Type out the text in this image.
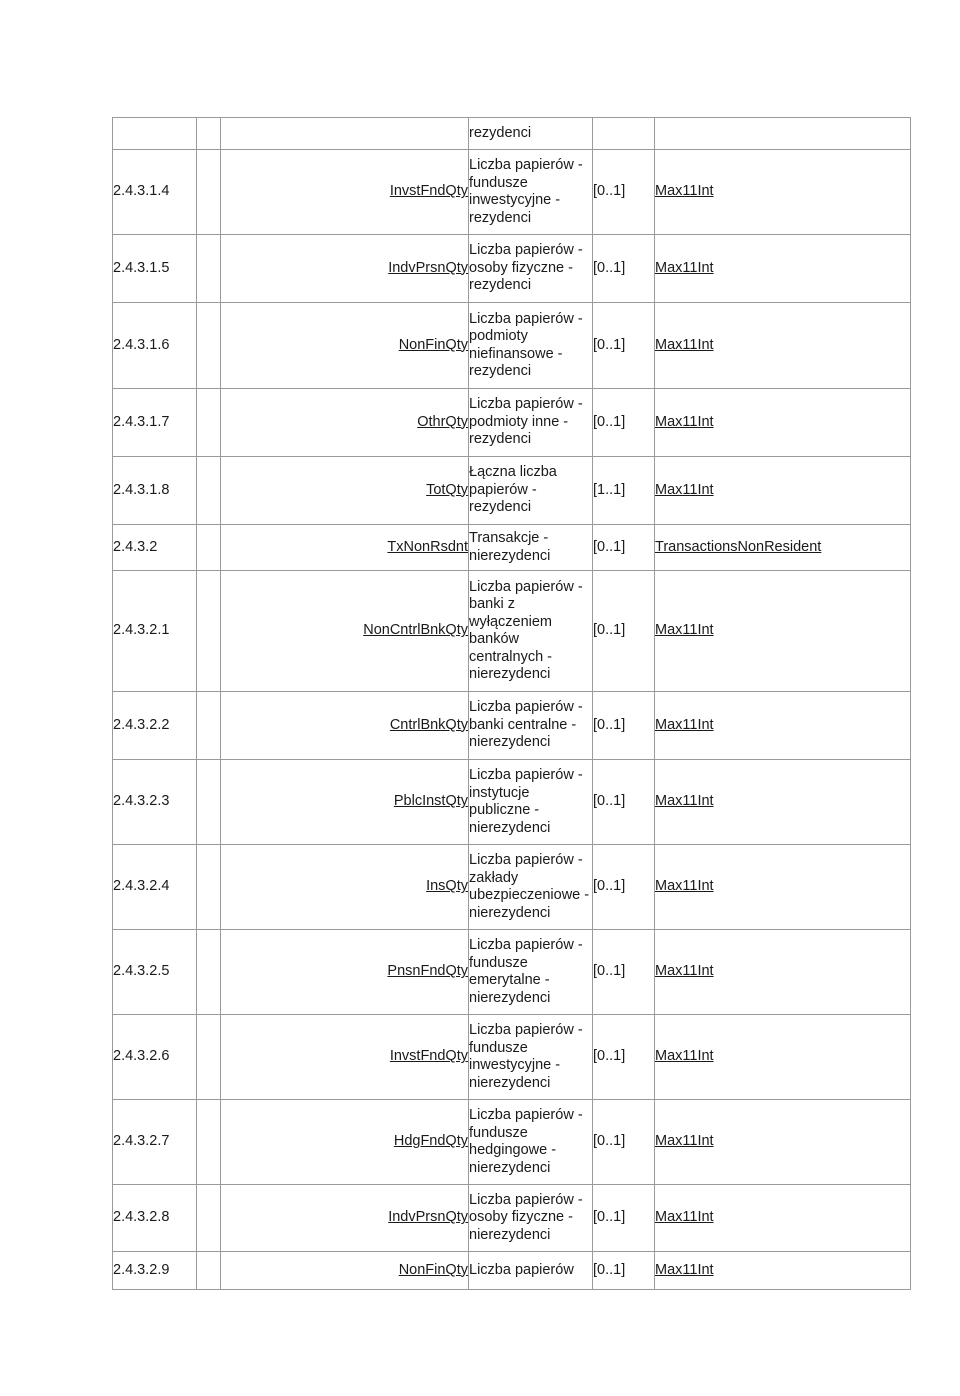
			rezydenci		
2.4.3.1.4		InvstFndQty	Liczba papierów - fundusze inwestycyjne - rezydenci	[0..1]	Max11Int
2.4.3.1.5		IndvPrsnQty	Liczba papierów - osoby fizyczne - rezydenci	[0..1]	Max11Int
2.4.3.1.6		NonFinQty	Liczba papierów - podmioty niefinansowe - rezydenci	[0..1]	Max11Int
2.4.3.1.7		OthrQty	Liczba papierów - podmioty inne - rezydenci	[0..1]	Max11Int
2.4.3.1.8		TotQty	Łączna liczba papierów - rezydenci	[1..1]	Max11Int
2.4.3.2		TxNonRsdnt	Transakcje - nierezydenci	[0..1]	TransactionsNonResident
2.4.3.2.1		NonCntrlBnkQty	Liczba papierów - banki z wyłączeniem banków centralnych - nierezydenci	[0..1]	Max11Int
2.4.3.2.2		CntrlBnkQty	Liczba papierów - banki centralne - nierezydenci	[0..1]	Max11Int
2.4.3.2.3		PblcInstQty	Liczba papierów - instytucje publiczne - nierezydenci	[0..1]	Max11Int
2.4.3.2.4		InsQty	Liczba papierów - zakłady ubezpieczeniowe - nierezydenci	[0..1]	Max11Int
2.4.3.2.5		PnsnFndQty	Liczba papierów - fundusze emerytalne - nierezydenci	[0..1]	Max11Int
2.4.3.2.6		InvstFndQty	Liczba papierów - fundusze inwestycyjne - nierezydenci	[0..1]	Max11Int
2.4.3.2.7		HdgFndQty	Liczba papierów - fundusze hedgingowe - nierezydenci	[0..1]	Max11Int
2.4.3.2.8		IndvPrsnQty	Liczba papierów - osoby fizyczne - nierezydenci	[0..1]	Max11Int
2.4.3.2.9		NonFinQty	Liczba papierów	[0..1]	Max11Int
